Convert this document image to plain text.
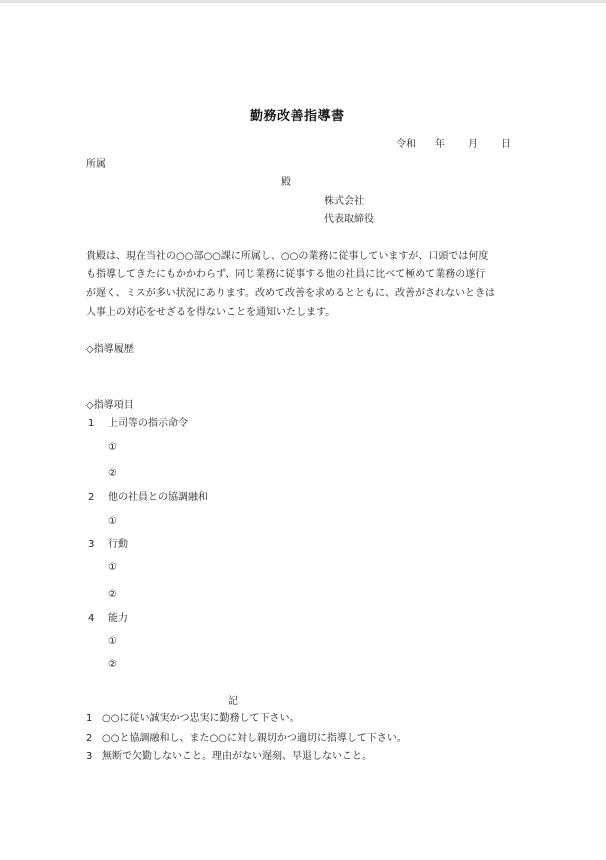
勤務改善指導書
令和 年 月 日
所属
殿
株式会社
代表取締役
貴殿は、現在当社の○○部○○課に所属し、○○の業務に従事していますが、口頭では何度
も指導してきたにもかかわらず、同じ業務に従事する他の社員に比べて極めて業務の遂行
が遅く、ミスが多い状況にあります。改めて改善を求めるとともに、改善がされないときは
人事上の対応をせざるを得ないことを通知いたします。
◇指導履歴
◇指導項目
1 上司等の指示命令
①
②
2 他の社員との協調融和
①
3 行動
①
②
4 能力
①
②
記
1 ○○に従い誠実かつ忠実に勤務して下さい。
2 ○○と協調融和し、また○○に対し親切かつ適切に指導して下さい。
3 無断で欠勤しないこと。理由がない遅刻、早退しないこと。
